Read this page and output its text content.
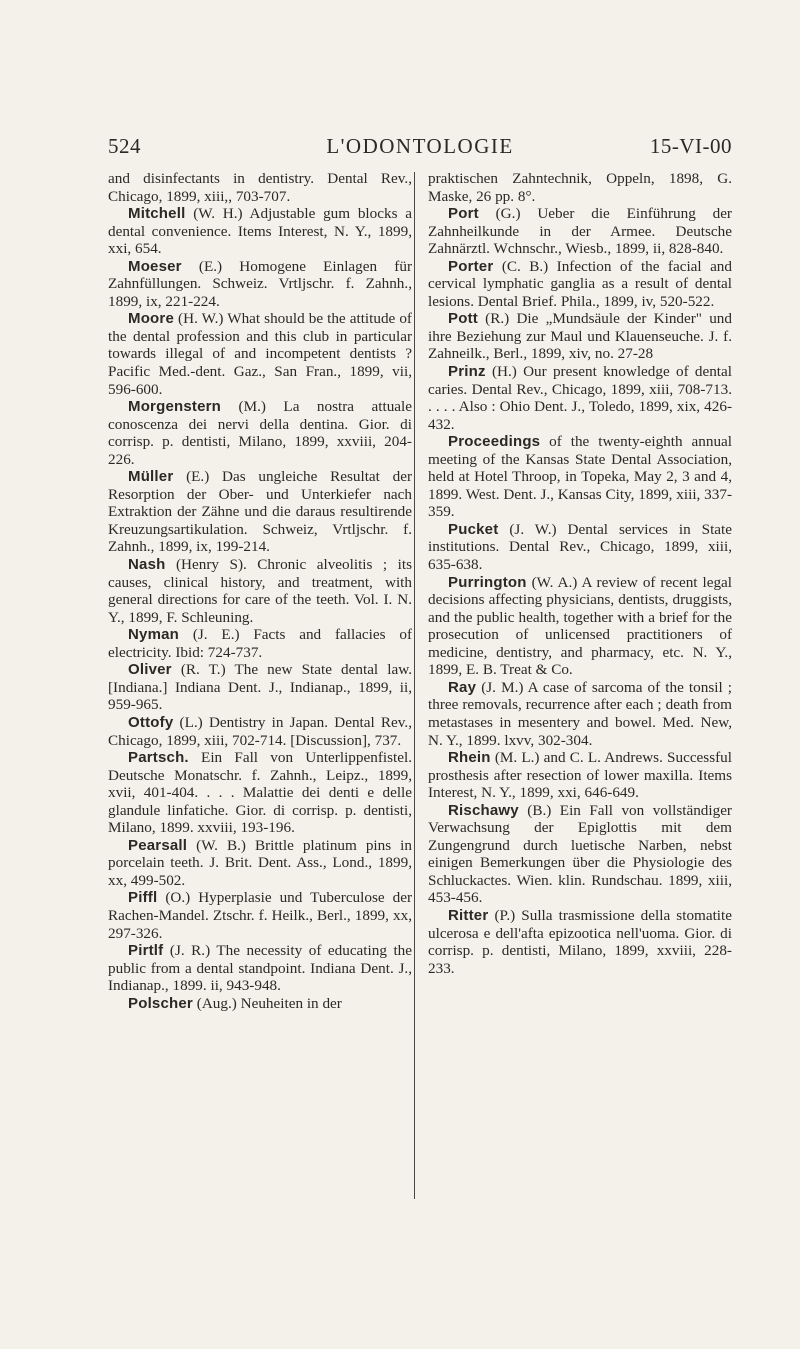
524	L'ODONTOLOGIE	15-VI-00

and disinfectants in dentistry. Dental Rev., Chicago, 1899, xiii,, 703-707.

Mitchell (W. H.) Adjustable gum blocks a dental convenience. Items Interest, N. Y., 1899, xxi, 654.

Moeser (E.) Homogene Einlagen für Zahnfüllungen. Schweiz. Vrtljschr. f. Zahnh., 1899, ix, 221-224.

Moore (H. W.) What should be the attitude of the dental profession and this club in particular towards illegal of and incompetent dentists ? Pacific Med.-dent. Gaz., San Fran., 1899, vii, 596-600.

Morgenstern (M.) La nostra attuale conoscenza dei nervi della dentina. Gior. di corrisp. p. dentisti, Milano, 1899, xxviii, 204-226.

Müller (E.) Das ungleiche Resultat der Resorption der Ober- und Unterkiefer nach Extraktion der Zähne und die daraus resultirende Kreuzungsartikulation. Schweiz, Vrtljschr. f. Zahnh., 1899, ix, 199-214.

Nash (Henry S). Chronic alveolitis ; its causes, clinical history, and treatment, with general directions for care of the teeth. Vol. I. N. Y., 1899, F. Schleuning.

Nyman (J. E.) Facts and fallacies of electricity. Ibid: 724-737.

Oliver (R. T.) The new State dental law. [Indiana.] Indiana Dent. J., Indianap., 1899, ii, 959-965.

Ottofy (L.) Dentistry in Japan. Dental Rev., Chicago, 1899, xiii, 702-714. [Discussion], 737.

Partsch. Ein Fall von Unterlippenfistel. Deutsche Monatschr. f. Zahnh., Leipz., 1899, xvii, 401-404. . . . Malattie dei denti e delle glandule linfatiche. Gior. di corrisp. p. dentisti, Milano, 1899. xxviii, 193-196.

Pearsall (W. B.) Brittle platinum pins in porcelain teeth. J. Brit. Dent. Ass., Lond., 1899, xx, 499-502.

Piffl (O.) Hyperplasie und Tuberculose der Rachen-Mandel. Ztschr. f. Heilk., Berl., 1899, xx, 297-326.

Pirtlf (J. R.) The necessity of educating the public from a dental standpoint. Indiana Dent. J., Indianap., 1899. ii, 943-948.

Polscher (Aug.) Neuheiten in der

praktischen Zahntechnik, Oppeln, 1898, G. Maske, 26 pp. 8°.

Port (G.) Ueber die Einführung der Zahnheilkunde in der Armee. Deutsche Zahnärztl. Wchnschr., Wiesb., 1899, ii, 828-840.

Porter (C. B.) Infection of the facial and cervical lymphatic ganglia as a result of dental lesions. Dental Brief. Phila., 1899, iv, 520-522.

Pott (R.) Die „Mundsäule der Kinder" und ihre Beziehung zur Maul und Klauenseuche. J. f. Zahneilk., Berl., 1899, xiv, no. 27-28

Prinz (H.) Our present knowledge of dental caries. Dental Rev., Chicago, 1899, xiii, 708-713. . . . . Also : Ohio Dent. J., Toledo, 1899, xix, 426-432.

Proceedings of the twenty-eighth annual meeting of the Kansas State Dental Association, held at Hotel Throop, in Topeka, May 2, 3 and 4, 1899. West. Dent. J., Kansas City, 1899, xiii, 337-359.

Pucket (J. W.) Dental services in State institutions. Dental Rev., Chicago, 1899, xiii, 635-638.

Purrington (W. A.) A review of recent legal decisions affecting physicians, dentists, druggists, and the public health, together with a brief for the prosecution of unlicensed practitioners of medicine, dentistry, and pharmacy, etc. N. Y., 1899, E. B. Treat & Co.

Ray (J. M.) A case of sarcoma of the tonsil ; three removals, recurrence after each ; death from metastases in mesentery and bowel. Med. New, N. Y., 1899. lxvv, 302-304.

Rhein (M. L.) and C. L. Andrews. Successful prosthesis after resection of lower maxilla. Items Interest, N. Y., 1899, xxi, 646-649.

Rischawy (B.) Ein Fall von vollständiger Verwachsung der Epiglottis mit dem Zungengrund durch luetische Narben, nebst einigen Bemerkungen über die Physiologie des Schluckactes. Wien. klin. Rundschau. 1899, xiii, 453-456.

Ritter (P.) Sulla trasmissione della stomatite ulcerosa e dell'afta epizootica nell'uoma. Gior. di corrisp. p. dentisti, Milano, 1899, xxviii, 228-233.
